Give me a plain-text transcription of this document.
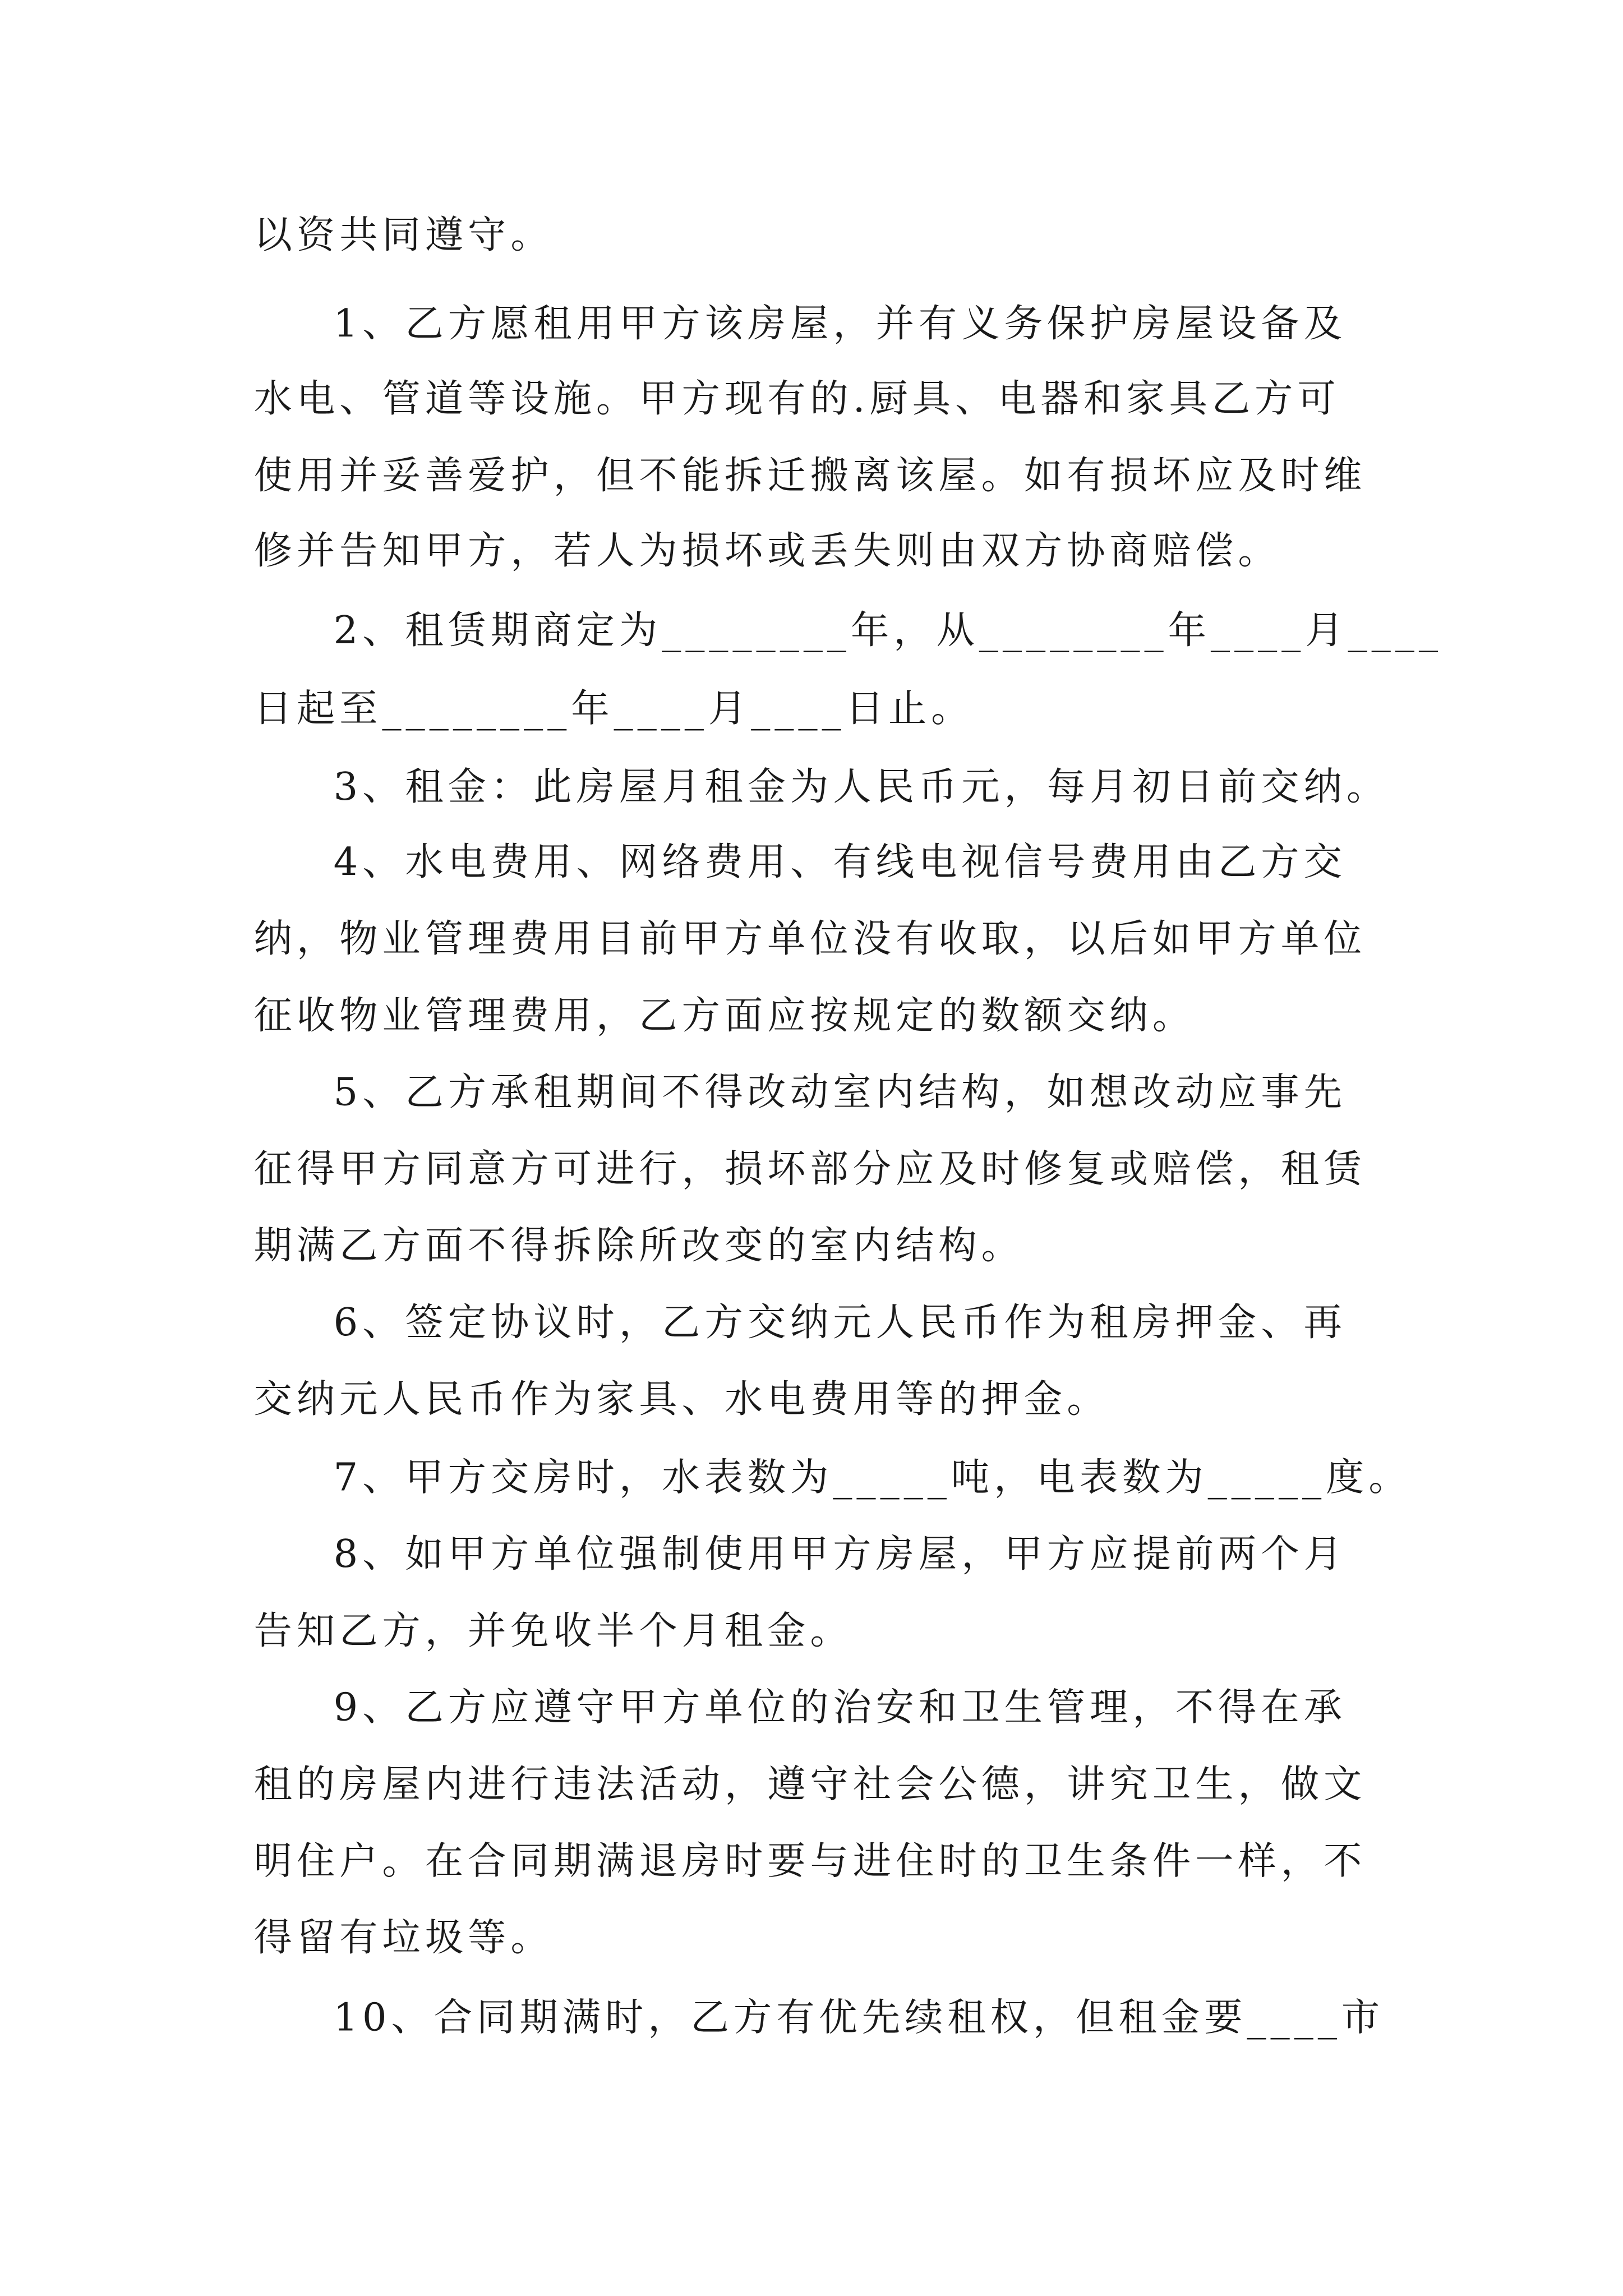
以资共同遵守。
1、乙方愿租用甲方该房屋，并有义务保护房屋设备及
水电、管道等设施。甲方现有的.厨具、电器和家具乙方可
使用并妥善爱护，但不能拆迁搬离该屋。如有损坏应及时维
修并告知甲方，若人为损坏或丢失则由双方协商赔偿。
2、租赁期商定为________年，从________年____月____
日起至________年____月____日止。
3、租金：此房屋月租金为人民币元，每月初日前交纳。
4、水电费用、网络费用、有线电视信号费用由乙方交
纳，物业管理费用目前甲方单位没有收取，以后如甲方单位
征收物业管理费用，乙方面应按规定的数额交纳。
5、乙方承租期间不得改动室内结构，如想改动应事先
征得甲方同意方可进行，损坏部分应及时修复或赔偿，租赁
期满乙方面不得拆除所改变的室内结构。
6、签定协议时，乙方交纳元人民币作为租房押金、再
交纳元人民币作为家具、水电费用等的押金。
7、甲方交房时，水表数为_____吨，电表数为_____度。
8、如甲方单位强制使用甲方房屋，甲方应提前两个月
告知乙方，并免收半个月租金。
9、乙方应遵守甲方单位的治安和卫生管理，不得在承
租的房屋内进行违法活动，遵守社会公德，讲究卫生，做文
明住户。在合同期满退房时要与进住时的卫生条件一样，不
得留有垃圾等。
10、合同期满时，乙方有优先续租权，但租金要____市
